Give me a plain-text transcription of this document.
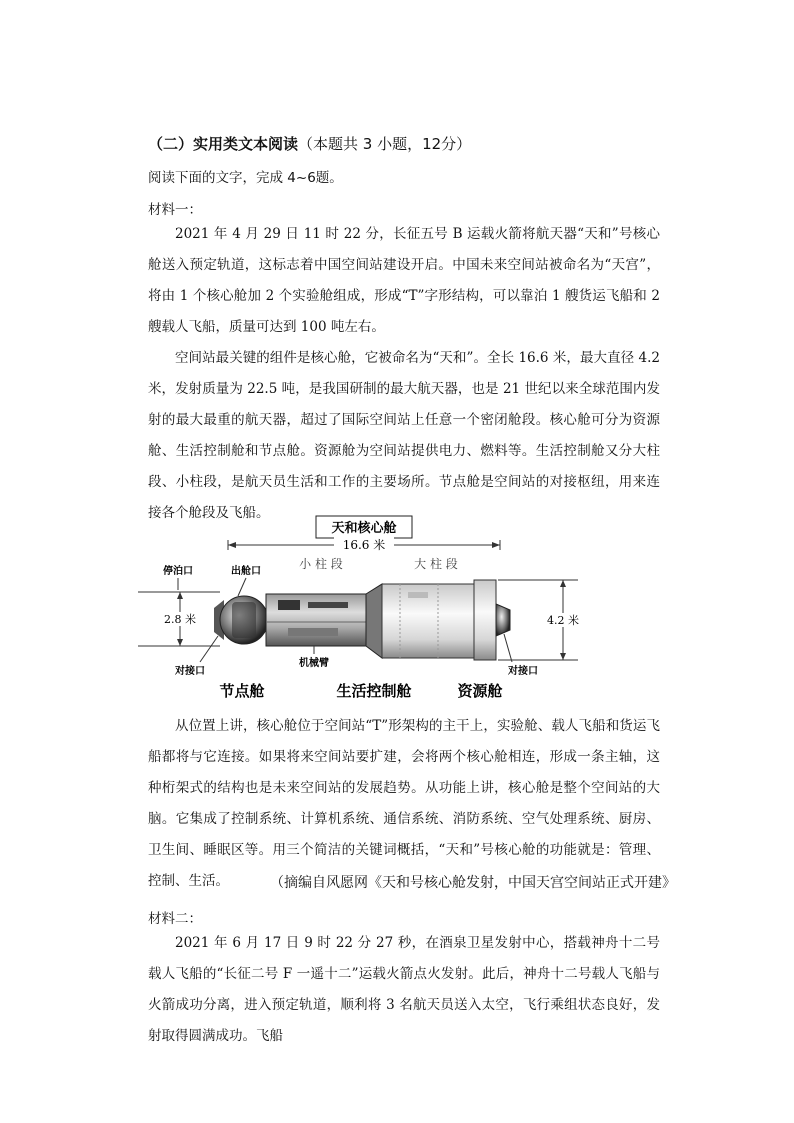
（二）实用类文本阅读（本题共 3 小题，12分）
阅读下面的文字，完成 4~6题。
材料一：

2021 年 4 月 29 日 11 时 22 分，长征五号 B 运载火箭将航天器“天和”号核心舱送入预定轨道，这标志着中国空间站建设开启。中国未来空间站被命名为“天宫”，将由 1 个核心舱加 2 个实验舱组成，形成“T”字形结构，可以靠泊 1 艘货运飞船和 2 艘载人飞船，质量可达到 100 吨左右。

空间站最关键的组件是核心舱，它被命名为“天和”。全长 16.6 米，最大直径 4.2 米，发射质量为 22.5 吨，是我国研制的最大航天器，也是 21 世纪以来全球范围内发射的最大最重的航天器，超过了国际空间站上任意一个密闭舱段。核心舱可分为资源舱、生活控制舱和节点舱。资源舱为空间站提供电力、燃料等。生活控制舱又分大柱段、小柱段，是航天员生活和工作的主要场所。节点舱是空间站的对接枢纽，用来连接各个舱段及飞船。

天和核心舱
16.6 米
小 柱 段	大 柱 段
停泊口	出舱口
2.8 米	4.2 米
对接口
机械臂
对接口
节点舱	生活控制舱	资源舱

从位置上讲，核心舱位于空间站“T”形架构的主干上，实验舱、载人飞船和货运飞船都将与它连接。如果将来空间站要扩建，会将两个核心舱相连，形成一条主轴，这种桁架式的结构也是未来空间站的发展趋势。从功能上讲，核心舱是整个空间站的大脑。它集成了控制系统、计算机系统、通信系统、消防系统、空气处理系统、厨房、卫生间、睡眠区等。用三个简洁的关键词概括，“天和”号核心舱的功能就是：管理、控制、生活。	（摘编自风愿网《天和号核心舱发射，中国天宫空间站正式开建》
材料二：

2021 年 6 月 17 日 9 时 22 分 27 秒，在酒泉卫星发射中心，搭载神舟十二号载人飞船的“长征二号 F 一遥十二”运载火箭点火发射。此后，神舟十二号载人飞船与火箭成功分离，进入预定轨道，顺利将 3 名航天员送入太空，飞行乘组状态良好，发射取得圆满成功。飞船
